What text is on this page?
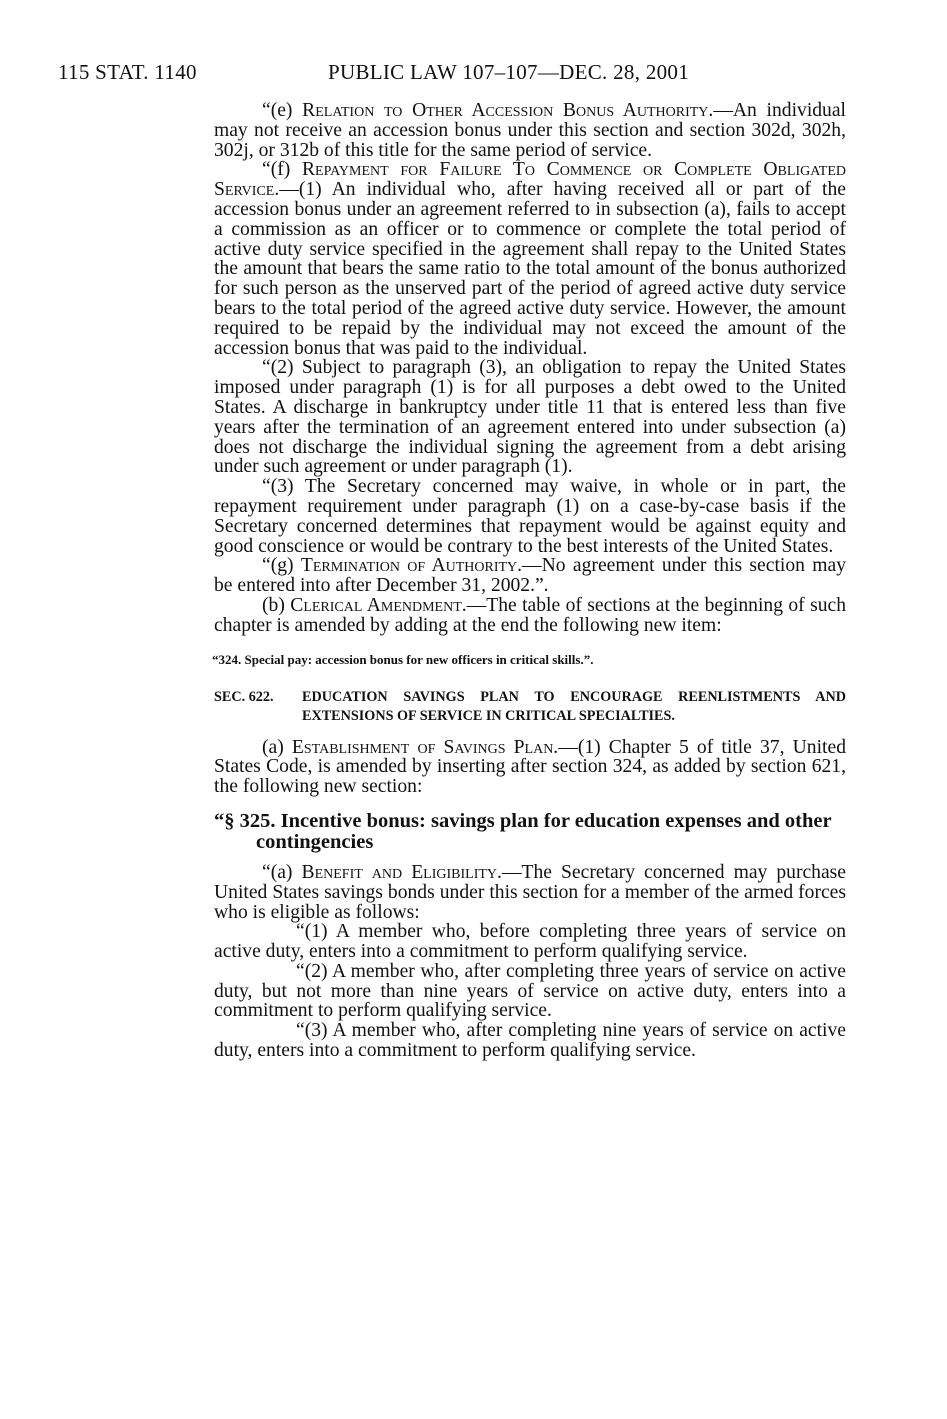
115 STAT. 1140	PUBLIC LAW 107–107—DEC. 28, 2001

“(e) Relation to Other Accession Bonus Authority.—An individual may not receive an accession bonus under this section and section 302d, 302h, 302j, or 312b of this title for the same period of service.

“(f) Repayment for Failure To Commence or Complete Obligated Service.—(1) An individual who, after having received all or part of the accession bonus under an agreement referred to in subsection (a), fails to accept a commission as an officer or to commence or complete the total period of active duty service specified in the agreement shall repay to the United States the amount that bears the same ratio to the total amount of the bonus authorized for such person as the unserved part of the period of agreed active duty service bears to the total period of the agreed active duty service. However, the amount required to be repaid by the individual may not exceed the amount of the accession bonus that was paid to the individual.

“(2) Subject to paragraph (3), an obligation to repay the United States imposed under paragraph (1) is for all purposes a debt owed to the United States. A discharge in bankruptcy under title 11 that is entered less than five years after the termination of an agreement entered into under subsection (a) does not discharge the individual signing the agreement from a debt arising under such agreement or under paragraph (1).

“(3) The Secretary concerned may waive, in whole or in part, the repayment requirement under paragraph (1) on a case-by-case basis if the Secretary concerned determines that repayment would be against equity and good conscience or would be contrary to the best interests of the United States.

“(g) Termination of Authority.—No agreement under this section may be entered into after December 31, 2002.”.

(b) Clerical Amendment.—The table of sections at the beginning of such chapter is amended by adding at the end the following new item:

“324. Special pay: accession bonus for new officers in critical skills.”.
SEC. 622.	EDUCATION SAVINGS PLAN TO ENCOURAGE REENLISTMENTS AND EXTENSIONS OF SERVICE IN CRITICAL SPECIALTIES.

(a) Establishment of Savings Plan.—(1) Chapter 5 of title 37, United States Code, is amended by inserting after section 324, as added by section 621, the following new section:

“§ 325. Incentive bonus: savings plan for education expenses and other contingencies

“(a) Benefit and Eligibility.—The Secretary concerned may purchase United States savings bonds under this section for a member of the armed forces who is eligible as follows:

“(1) A member who, before completing three years of service on active duty, enters into a commitment to perform qualifying service.

“(2) A member who, after completing three years of service on active duty, but not more than nine years of service on active duty, enters into a commitment to perform qualifying service.

“(3) A member who, after completing nine years of service on active duty, enters into a commitment to perform qualifying service.
